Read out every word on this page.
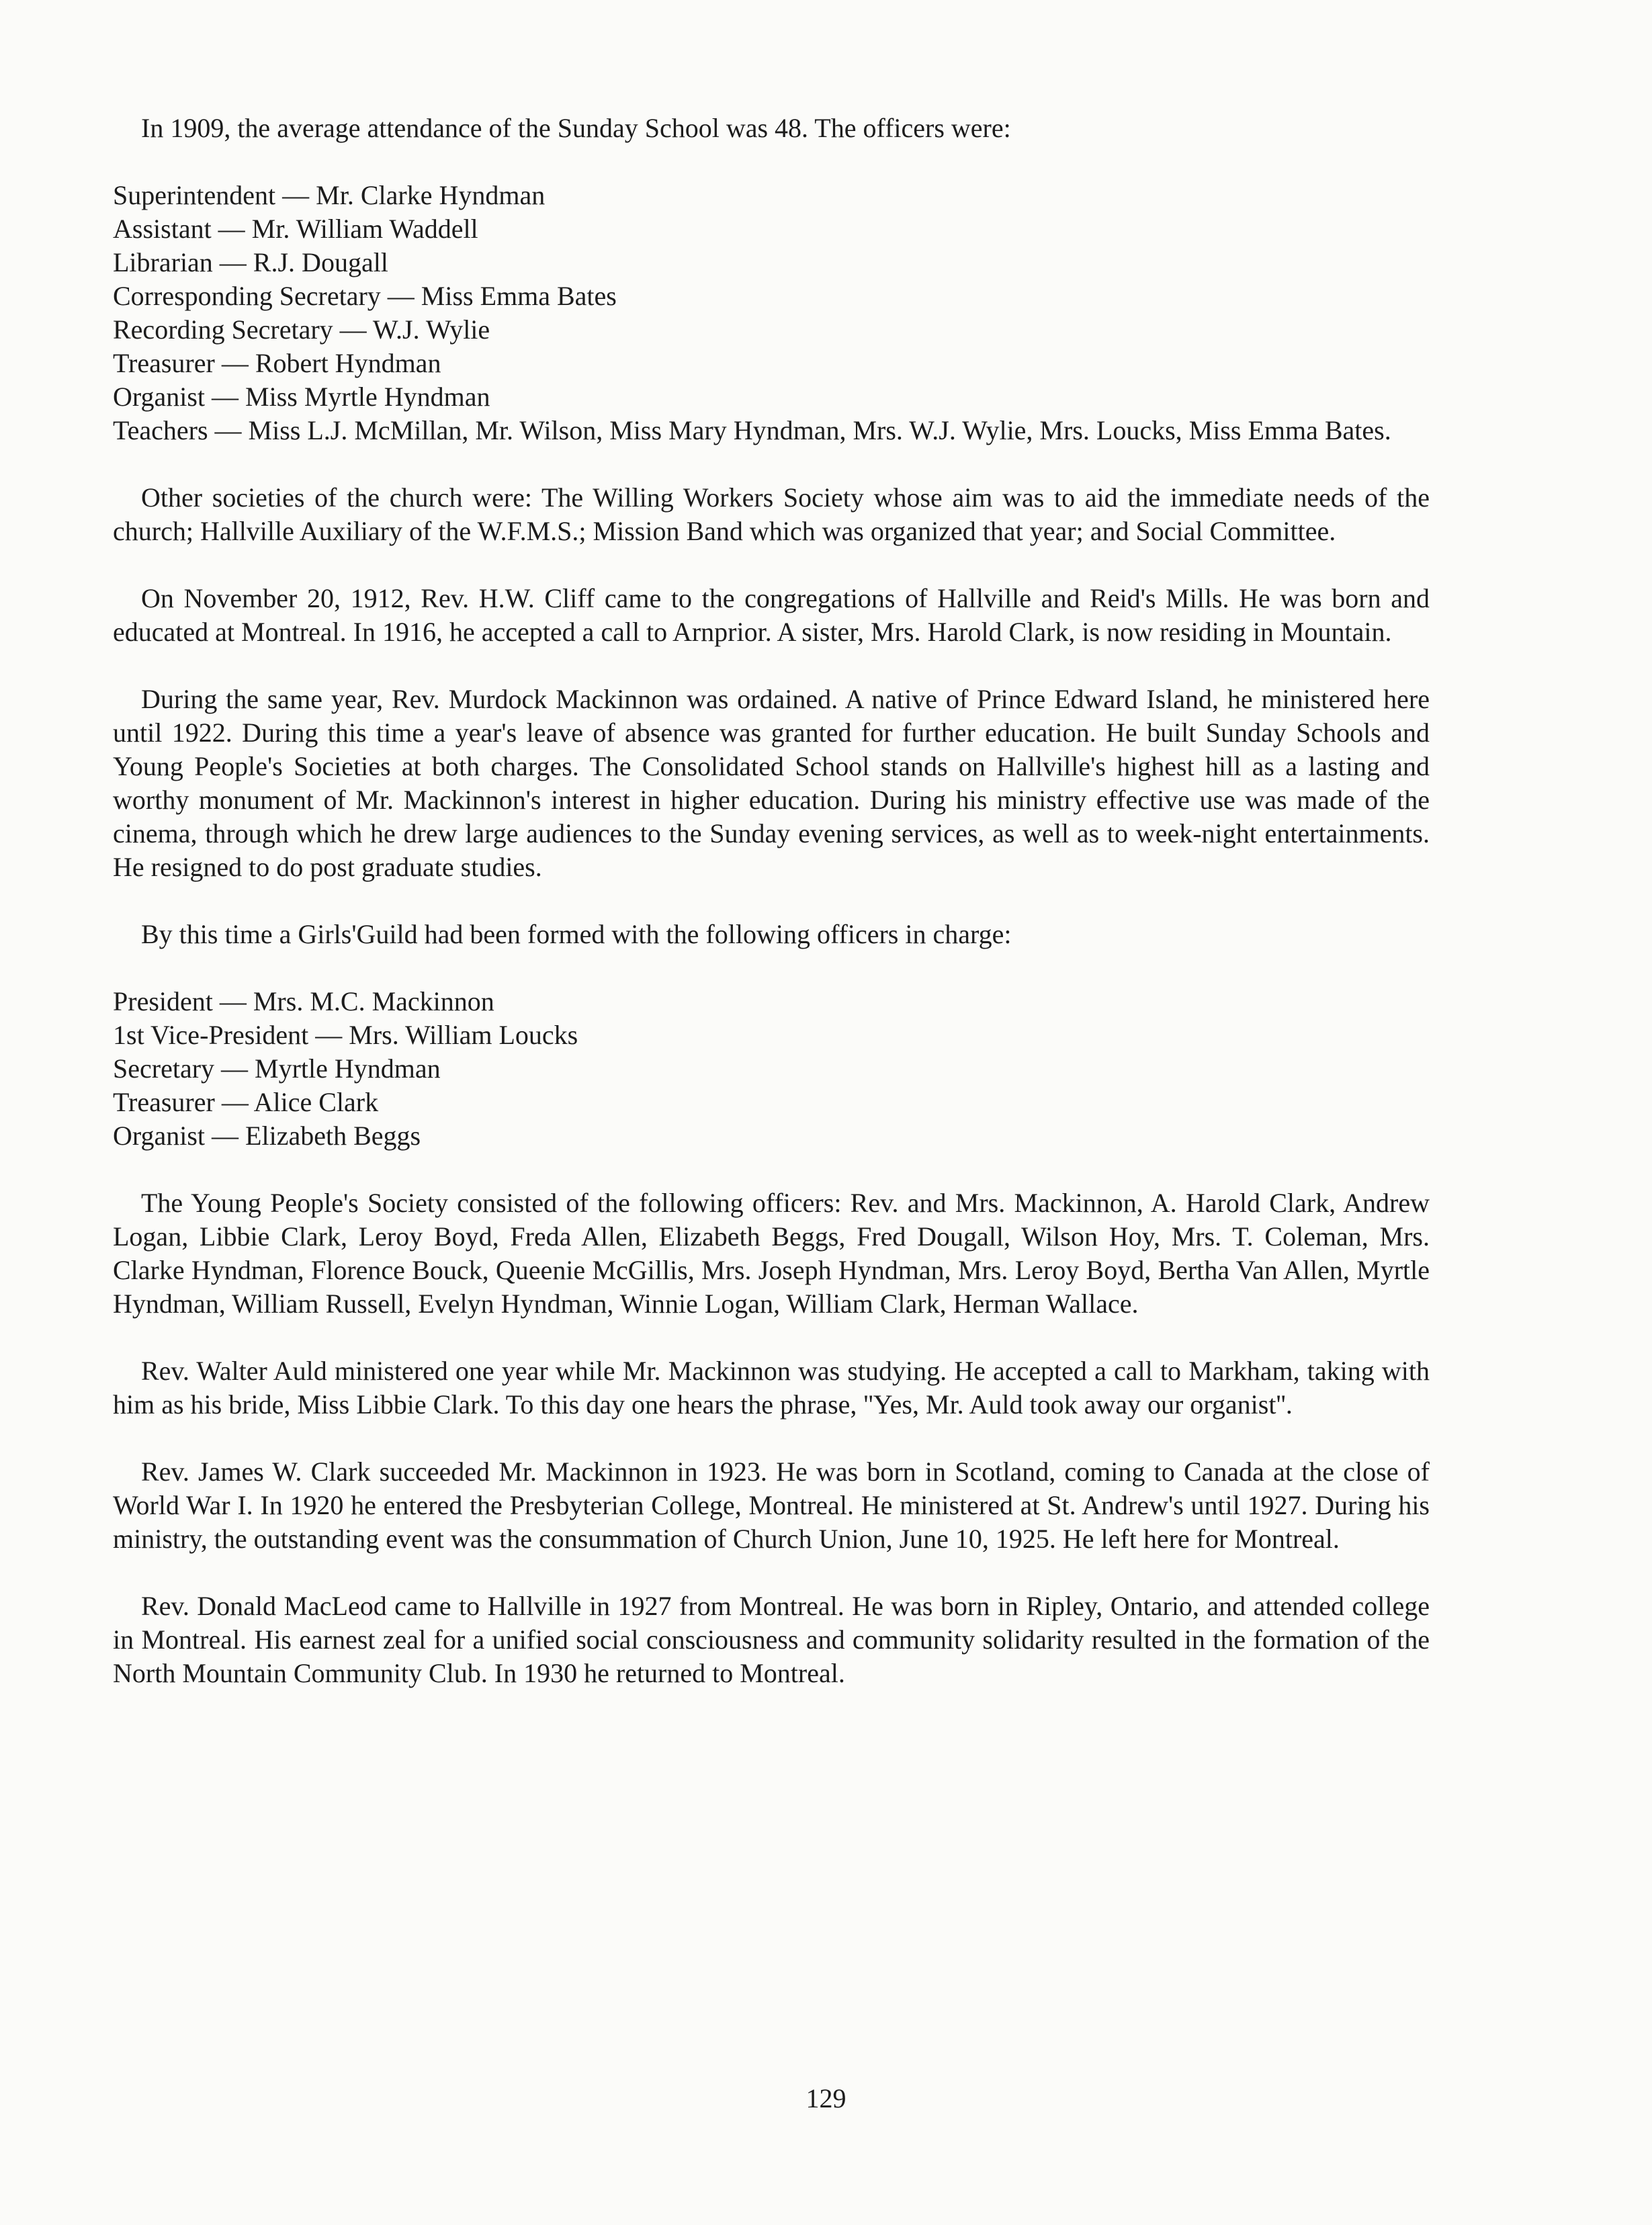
In 1909, the average attendance of the Sunday School was 48. The officers were:

Superintendent — Mr. Clarke Hyndman
Assistant — Mr. William Waddell
Librarian — R.J. Dougall
Corresponding Secretary — Miss Emma Bates
Recording Secretary — W.J. Wylie
Treasurer — Robert Hyndman
Organist — Miss Myrtle Hyndman
Teachers — Miss L.J. McMillan, Mr. Wilson, Miss Mary Hyndman, Mrs. W.J. Wylie, Mrs. Loucks, Miss Emma Bates.

Other societies of the church were: The Willing Workers Society whose aim was to aid the immediate needs of the church; Hallville Auxiliary of the W.F.M.S.; Mission Band which was organized that year; and Social Committee.

On November 20, 1912, Rev. H.W. Cliff came to the congregations of Hallville and Reid's Mills. He was born and educated at Montreal. In 1916, he accepted a call to Arnprior. A sister, Mrs. Harold Clark, is now residing in Mountain.

During the same year, Rev. Murdock Mackinnon was ordained. A native of Prince Edward Island, he ministered here until 1922. During this time a year's leave of absence was granted for further education. He built Sunday Schools and Young People's Societies at both charges. The Consolidated School stands on Hallville's highest hill as a lasting and worthy monument of Mr. Mackinnon's interest in higher education. During his ministry effective use was made of the cinema, through which he drew large audiences to the Sunday evening services, as well as to week-night entertainments. He resigned to do post graduate studies.

By this time a Girls'Guild had been formed with the following officers in charge:

President — Mrs. M.C. Mackinnon
1st Vice-President — Mrs. William Loucks
Secretary — Myrtle Hyndman
Treasurer — Alice Clark
Organist — Elizabeth Beggs

The Young People's Society consisted of the following officers: Rev. and Mrs. Mackinnon, A. Harold Clark, Andrew Logan, Libbie Clark, Leroy Boyd, Freda Allen, Elizabeth Beggs, Fred Dougall, Wilson Hoy, Mrs. T. Coleman, Mrs. Clarke Hyndman, Florence Bouck, Queenie McGillis, Mrs. Joseph Hyndman, Mrs. Leroy Boyd, Bertha Van Allen, Myrtle Hyndman, William Russell, Evelyn Hyndman, Winnie Logan, William Clark, Herman Wallace.

Rev. Walter Auld ministered one year while Mr. Mackinnon was studying. He accepted a call to Markham, taking with him as his bride, Miss Libbie Clark. To this day one hears the phrase, ''Yes, Mr. Auld took away our organist''.

Rev. James W. Clark succeeded Mr. Mackinnon in 1923. He was born in Scotland, coming to Canada at the close of World War I. In 1920 he entered the Presbyterian College, Montreal. He ministered at St. Andrew's until 1927. During his ministry, the outstanding event was the consummation of Church Union, June 10, 1925. He left here for Montreal.

Rev. Donald MacLeod came to Hallville in 1927 from Montreal. He was born in Ripley, Ontario, and attended college in Montreal. His earnest zeal for a unified social consciousness and community solidarity resulted in the formation of the North Mountain Community Club. In 1930 he returned to Montreal.

129
